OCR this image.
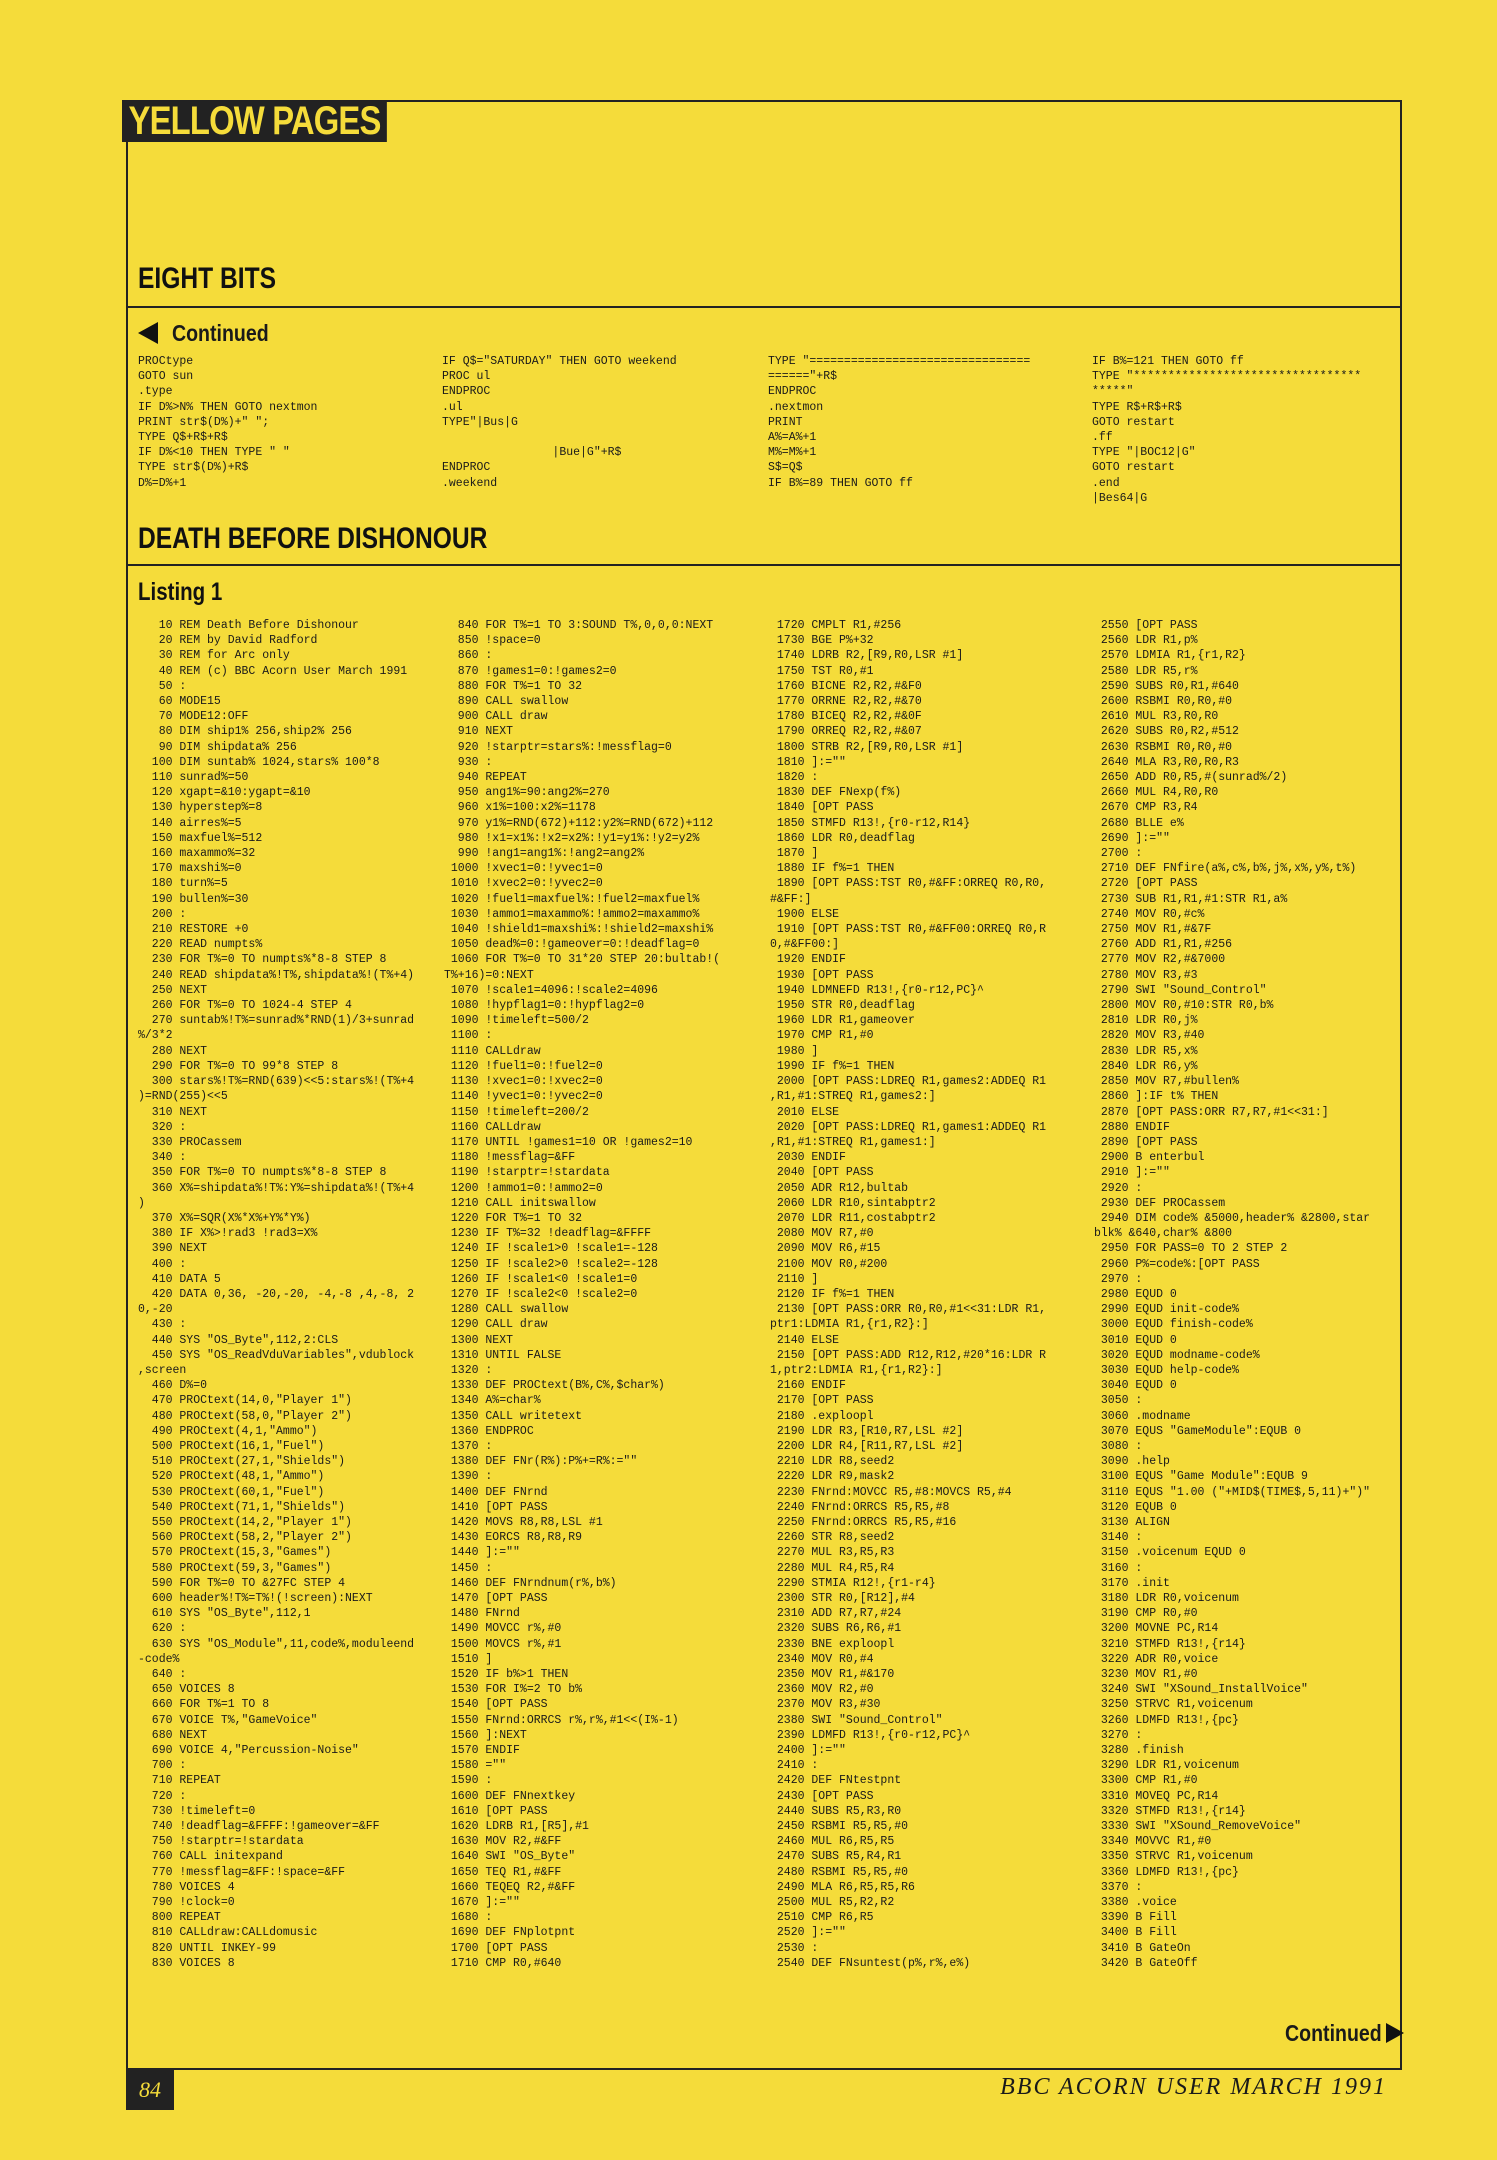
YELLOW PAGES
EIGHT BITS
Continued
PROCtype
GOTO sun
.type
IF D%>N% THEN GOTO nextmon
PRINT str$(D%)+" ";
TYPE Q$+R$+R$
IF D%<10 THEN TYPE " "
TYPE str$(D%)+R$
D%=D%+1
IF Q$="SATURDAY" THEN GOTO weekend
PROC ul
ENDPROC
.ul
TYPE"|Bus|G

|Bue|G"+R$
ENDPROC
.weekend
TYPE "================================
======"+R$
ENDPROC
.nextmon
PRINT
A%=A%+1
M%=M%+1
S$=Q$
IF B%=89 THEN GOTO ff
IF B%=121 THEN GOTO ff
TYPE "*********************************
*****"
TYPE R$+R$+R$
GOTO restart
.ff
TYPE "|BOC12|G"
GOTO restart
.end
|Bes64|G
DEATH BEFORE DISHONOUR
Listing 1
10 REM Death Before Dishonour
20 REM by David Radford
30 REM for Arc only
40 REM (c) BBC Acorn User March 1991
50 :
60 MODE15
70 MODE12:OFF
80 DIM ship1% 256,ship2% 256
90 DIM shipdata% 256
100 DIM suntab% 1024,stars% 100*8
110 sunrad%=50
120 xgapt=&10:ygapt=&10
130 hyperstep%=8
140 airres%=5
150 maxfuel%=512
160 maxammo%=32
170 maxshi%=0
180 turn%=5
190 bullen%=30
200 :
210 RESTORE +0
220 READ numpts%
230 FOR T%=0 TO numpts%*8-8 STEP 8
240 READ shipdata%!T%,shipdata%!(T%+4)
250 NEXT
260 FOR T%=0 TO 1024-4 STEP 4
270 suntab%!T%=sunrad%*RND(1)/3+sunrad
%/3*2
280 NEXT
290 FOR T%=0 TO 99*8 STEP 8
300 stars%!T%=RND(639)<<5:stars%!(T%+4
)=RND(255)<<5
310 NEXT
320 :
330 PROCassem
340 :
350 FOR T%=0 TO numpts%*8-8 STEP 8
360 X%=shipdata%!T%:Y%=shipdata%!(T%+4
)
370 X%=SQR(X%*X%+Y%*Y%)
380 IF X%>!rad3 !rad3=X%
390 NEXT
400 :
410 DATA 5
420 DATA 0,36, -20,-20, -4,-8 ,4,-8, 2
0,-20
430 :
440 SYS "OS_Byte",112,2:CLS
450 SYS "OS_ReadVduVariables",vdublock
,screen
460 D%=0
470 PROCtext(14,0,"Player 1")
480 PROCtext(58,0,"Player 2")
490 PROCtext(4,1,"Ammo")
500 PROCtext(16,1,"Fuel")
510 PROCtext(27,1,"Shields")
520 PROCtext(48,1,"Ammo")
530 PROCtext(60,1,"Fuel")
540 PROCtext(71,1,"Shields")
550 PROCtext(14,2,"Player 1")
560 PROCtext(58,2,"Player 2")
570 PROCtext(15,3,"Games")
580 PROCtext(59,3,"Games")
590 FOR T%=0 TO &27FC STEP 4
600 header%!T%=T%!(!screen):NEXT
610 SYS "OS_Byte",112,1
620 :
630 SYS "OS_Module",11,code%,moduleend
-code%
640 :
650 VOICES 8
660 FOR T%=1 TO 8
670 VOICE T%,"GameVoice"
680 NEXT
690 VOICE 4,"Percussion-Noise"
700 :
710 REPEAT
720 :
730 !timeleft=0
740 !deadflag=&FFFF:!gameover=&FF
750 !starptr=!stardata
760 CALL initexpand
770 !messflag=&FF:!space=&FF
780 VOICES 4
790 !clock=0
800 REPEAT
810 CALLdraw:CALLdomusic
820 UNTIL INKEY-99
830 VOICES 8
840 FOR T%=1 TO 3:SOUND T%,0,0,0:NEXT
850 !space=0
860 :
870 !games1=0:!games2=0
880 FOR T%=1 TO 32
890 CALL swallow
900 CALL draw
910 NEXT
920 !starptr=stars%:!messflag=0
930 :
940 REPEAT
950 ang1%=90:ang2%=270
960 x1%=100:x2%=1178
970 y1%=RND(672)+112:y2%=RND(672)+112
980 !x1=x1%:!x2=x2%:!y1=y1%:!y2=y2%
990 !ang1=ang1%:!ang2=ang2%
1000 !xvec1=0:!yvec1=0
1010 !xvec2=0:!yvec2=0
1020 !fuel1=maxfuel%:!fuel2=maxfuel%
1030 !ammo1=maxammo%:!ammo2=maxammo%
1040 !shield1=maxshi%:!shield2=maxshi%
1050 dead%=0:!gameover=0:!deadflag=0
1060 FOR T%=0 TO 31*20 STEP 20:bultab!(
T%+16)=0:NEXT
1070 !scale1=4096:!scale2=4096
1080 !hypflag1=0:!hypflag2=0
1090 !timeleft=500/2
1100 :
1110 CALLdraw
1120 !fuel1=0:!fuel2=0
1130 !xvec1=0:!xvec2=0
1140 !yvec1=0:!yvec2=0
1150 !timeleft=200/2
1160 CALLdraw
1170 UNTIL !games1=10 OR !games2=10
1180 !messflag=&FF
1190 !starptr=!stardata
1200 !ammo1=0:!ammo2=0
1210 CALL initswallow
1220 FOR T%=1 TO 32
1230 IF T%=32 !deadflag=&FFFF
1240 IF !scale1>0 !scale1=-128
1250 IF !scale2>0 !scale2=-128
1260 IF !scale1<0 !scale1=0
1270 IF !scale2<0 !scale2=0
1280 CALL swallow
1290 CALL draw
1300 NEXT
1310 UNTIL FALSE
1320 :
1330 DEF PROCtext(B%,C%,$char%)
1340 A%=char%
1350 CALL writetext
1360 ENDPROC
1370 :
1380 DEF FNr(R%):P%+=R%:=""
1390 :
1400 DEF FNrnd
1410 [OPT PASS
1420 MOVS R8,R8,LSL #1
1430 EORCS R8,R8,R9
1440 ]:=""
1450 :
1460 DEF FNrndnum(r%,b%)
1470 [OPT PASS
1480 FNrnd
1490 MOVCC r%,#0
1500 MOVCS r%,#1
1510 ]
1520 IF b%>1 THEN
1530 FOR I%=2 TO b%
1540 [OPT PASS
1550 FNrnd:ORRCS r%,r%,#1<<(I%-1)
1560 ]:NEXT
1570 ENDIF
1580 =""
1590 :
1600 DEF FNnextkey
1610 [OPT PASS
1620 LDRB R1,[R5],#1
1630 MOV R2,#&FF
1640 SWI "OS_Byte"
1650 TEQ R1,#&FF
1660 TEQEQ R2,#&FF
1670 ]:=""
1680 :
1690 DEF FNplotpnt
1700 [OPT PASS
1710 CMP R0,#640
1720 CMPLT R1,#256
1730 BGE P%+32
1740 LDRB R2,[R9,R0,LSR #1]
1750 TST R0,#1
1760 BICNE R2,R2,#&F0
1770 ORRNE R2,R2,#&70
1780 BICEQ R2,R2,#&0F
1790 ORREQ R2,R2,#&07
1800 STRB R2,[R9,R0,LSR #1]
1810 ]:=""
1820 :
1830 DEF FNexp(f%)
1840 [OPT PASS
1850 STMFD R13!,{r0-r12,R14}
1860 LDR R0,deadflag
1870 ]
1880 IF f%=1 THEN
1890 [OPT PASS:TST R0,#&FF:ORREQ R0,R0,
#&FF:]
1900 ELSE
1910 [OPT PASS:TST R0,#&FF00:ORREQ R0,R
0,#&FF00:]
1920 ENDIF
1930 [OPT PASS
1940 LDMNEFD R13!,{r0-r12,PC}^
1950 STR R0,deadflag
1960 LDR R1,gameover
1970 CMP R1,#0
1980 ]
1990 IF f%=1 THEN
2000 [OPT PASS:LDREQ R1,games2:ADDEQ R1
,R1,#1:STREQ R1,games2:]
2010 ELSE
2020 [OPT PASS:LDREQ R1,games1:ADDEQ R1
,R1,#1:STREQ R1,games1:]
2030 ENDIF
2040 [OPT PASS
2050 ADR R12,bultab
2060 LDR R10,sintabptr2
2070 LDR R11,costabptr2
2080 MOV R7,#0
2090 MOV R6,#15
2100 MOV R0,#200
2110 ]
2120 IF f%=1 THEN
2130 [OPT PASS:ORR R0,R0,#1<<31:LDR R1,
ptr1:LDMIA R1,{r1,R2}:]
2140 ELSE
2150 [OPT PASS:ADD R12,R12,#20*16:LDR R
1,ptr2:LDMIA R1,{r1,R2}:]
2160 ENDIF
2170 [OPT PASS
2180 .exploopl
2190 LDR R3,[R10,R7,LSL #2]
2200 LDR R4,[R11,R7,LSL #2]
2210 LDR R8,seed2
2220 LDR R9,mask2
2230 FNrnd:MOVCC R5,#8:MOVCS R5,#4
2240 FNrnd:ORRCS R5,R5,#8
2250 FNrnd:ORRCS R5,R5,#16
2260 STR R8,seed2
2270 MUL R3,R5,R3
2280 MUL R4,R5,R4
2290 STMIA R12!,{r1-r4}
2300 STR R0,[R12],#4
2310 ADD R7,R7,#24
2320 SUBS R6,R6,#1
2330 BNE exploopl
2340 MOV R0,#4
2350 MOV R1,#&170
2360 MOV R2,#0
2370 MOV R3,#30
2380 SWI "Sound_Control"
2390 LDMFD R13!,{r0-r12,PC}^
2400 ]:=""
2410 :
2420 DEF FNtestpnt
2430 [OPT PASS
2440 SUBS R5,R3,R0
2450 RSBMI R5,R5,#0
2460 MUL R6,R5,R5
2470 SUBS R5,R4,R1
2480 RSBMI R5,R5,#0
2490 MLA R6,R5,R5,R6
2500 MUL R5,R2,R2
2510 CMP R6,R5
2520 ]:=""
2530 :
2540 DEF FNsuntest(p%,r%,e%)
2550 [OPT PASS
2560 LDR R1,p%
2570 LDMIA R1,{r1,R2}
2580 LDR R5,r%
2590 SUBS R0,R1,#640
2600 RSBMI R0,R0,#0
2610 MUL R3,R0,R0
2620 SUBS R0,R2,#512
2630 RSBMI R0,R0,#0
2640 MLA R3,R0,R0,R3
2650 ADD R0,R5,#(sunrad%/2)
2660 MUL R4,R0,R0
2670 CMP R3,R4
2680 BLLE e%
2690 ]:=""
2700 :
2710 DEF FNfire(a%,c%,b%,j%,x%,y%,t%)
2720 [OPT PASS
2730 SUB R1,R1,#1:STR R1,a%
2740 MOV R0,#c%
2750 MOV R1,#&7F
2760 ADD R1,R1,#256
2770 MOV R2,#&7000
2780 MOV R3,#3
2790 SWI "Sound_Control"
2800 MOV R0,#10:STR R0,b%
2810 LDR R0,j%
2820 MOV R3,#40
2830 LDR R5,x%
2840 LDR R6,y%
2850 MOV R7,#bullen%
2860 ]:IF t% THEN
2870 [OPT PASS:ORR R7,R7,#1<<31:]
2880 ENDIF
2890 [OPT PASS
2900 B enterbul
2910 ]:=""
2920 :
2930 DEF PROCassem
2940 DIM code% &5000,header% &2800,star
blk% &640,char% &800
2950 FOR PASS=0 TO 2 STEP 2
2960 P%=code%:[OPT PASS
2970 :
2980 EQUD 0
2990 EQUD init-code%
3000 EQUD finish-code%
3010 EQUD 0
3020 EQUD modname-code%
3030 EQUD help-code%
3040 EQUD 0
3050 :
3060 .modname
3070 EQUS "GameModule":EQUB 0
3080 :
3090 .help
3100 EQUS "Game Module":EQUB 9
3110 EQUS "1.00 ("+MID$(TIME$,5,11)+")"
3120 EQUB 0
3130 ALIGN
3140 :
3150 .voicenum EQUD 0
3160 :
3170 .init
3180 LDR R0,voicenum
3190 CMP R0,#0
3200 MOVNE PC,R14
3210 STMFD R13!,{r14}
3220 ADR R0,voice
3230 MOV R1,#0
3240 SWI "XSound_InstallVoice"
3250 STRVC R1,voicenum
3260 LDMFD R13!,{pc}
3270 :
3280 .finish
3290 LDR R1,voicenum
3300 CMP R1,#0
3310 MOVEQ PC,R14
3320 STMFD R13!,{r14}
3330 SWI "XSound_RemoveVoice"
3340 MOVVC R1,#0
3350 STRVC R1,voicenum
3360 LDMFD R13!,{pc}
3370 :
3380 .voice
3390 B Fill
3400 B Fill
3410 B GateOn
3420 B GateOff
Continued
84	BBC ACORN USER MARCH 1991
